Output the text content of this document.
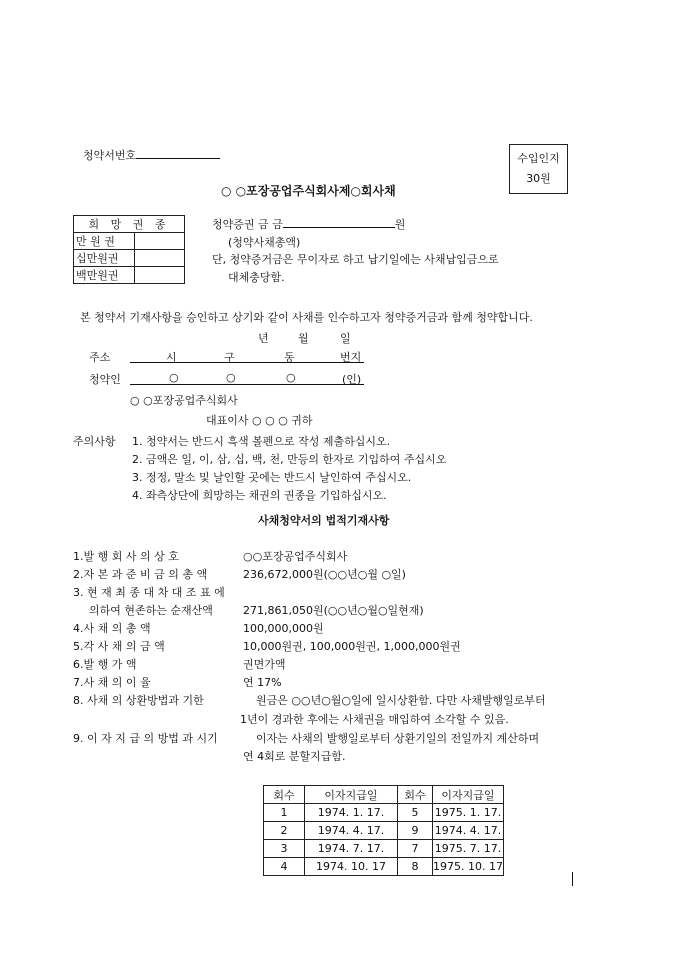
청약서번호	수입인지
30원
○ ○포장공업주식회사제○회사채
희 망 권 종	
만 원 권	
십만원권	
백만원권	
청약증권 금 금	원
(청약사채총액)
단, 청약증거금은 무이자로 하고 납기일에는 사채납입금으로
대체충당함.
본 청약서 기재사항을 승인하고 상기와 같이 사채를 인수하고자 청약증거금과 함께 청약합니다.
년	월	일
주소	시	구	동	번지
청약인	○	○	○	(인)
○ ○포장공업주식회사
대표이사 ○ ○ ○ 귀하
주의사항 1. 청약서는 반드시 흑색 볼펜으로 작성 제출하십시오.
2. 금액은 일, 이, 삼, 십, 백, 천, 만등의 한자로 기입하여 주십시오
3. 정정, 말소 및 날인할 곳에는 반드시 날인하여 주십시오.
4. 좌측상단에 희망하는 채권의 권종을 기입하십시오.
사채청약서의 법적기재사항
1.발 행 회 사 의 상 호	○○포장공업주식회사
2.자 본 과 준 비 금 의 총 액	236,672,000원(○○년○월 ○일)
3. 현 재 최 종 대 차 대 조 표 에
의하여 현존하는 순재산액	271,861,050원(○○년○월○일현재)
4.사 채 의 총 액	100,000,000원
5.각 사 채 의 금 액	10,000원권, 100,000원권, 1,000,000원권
6.발 행 가 액	권면가액
7.사 채 의 이 율	연 17%
8. 사채 의 상환방법과 기한	원금은 ○○년○월○일에 일시상환함. 다만 사채발행일로부터
1년이 경과한 후에는 사채권을 매입하여 소각할 수 있음.
9. 이 자 지 급 의 방법 과 시기	이자는 사채의 발행일로부터 상환기일의 전일까지 계산하며
연 4회로 분할지급함.
회수	이자지급일	회수	이자지급일
1	1974. 1. 17.	5	1975. 1. 17.
2	1974. 4. 17.	9	1974. 4. 17.
3	1974. 7. 17.	7	1975. 7. 17.
4	1974. 10. 17	8	1975. 10. 17
